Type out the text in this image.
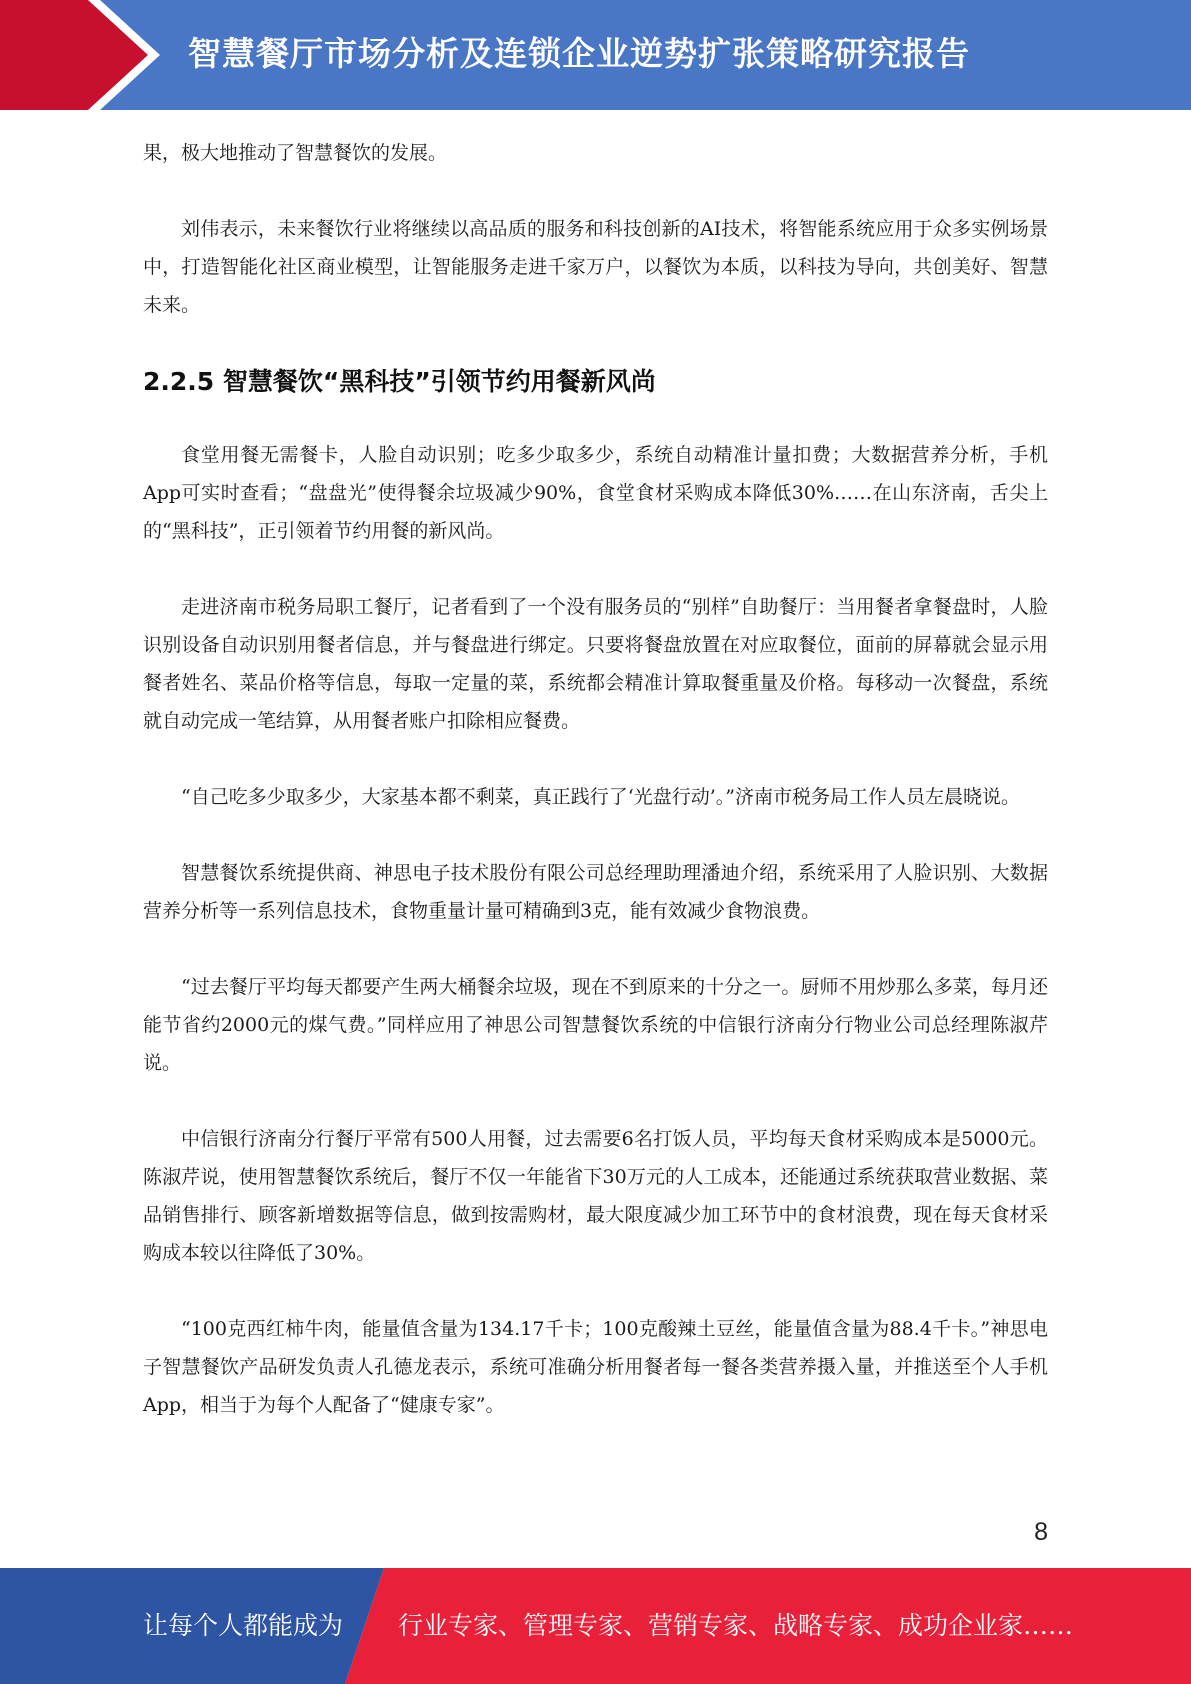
智慧餐厅市场分析及连锁企业逆势扩张策略研究报告

果，极大地推动了智慧餐饮的发展。

刘伟表示，未来餐饮行业将继续以高品质的服务和科技创新的AI技术，将智能系统应用于众多实例场景中，打造智能化社区商业模型，让智能服务走进千家万户，以餐饮为本质，以科技为导向，共创美好、智慧未来。

2.2.5 智慧餐饮“黑科技”引领节约用餐新风尚

食堂用餐无需餐卡，人脸自动识别；吃多少取多少，系统自动精准计量扣费；大数据营养分析，手机App可实时查看；“盘盘光”使得餐余垃圾减少90%，食堂食材采购成本降低30%……在山东济南，舌尖上的“黑科技”，正引领着节约用餐的新风尚。

走进济南市税务局职工餐厅，记者看到了一个没有服务员的“别样”自助餐厅：当用餐者拿餐盘时，人脸识别设备自动识别用餐者信息，并与餐盘进行绑定。只要将餐盘放置在对应取餐位，面前的屏幕就会显示用餐者姓名、菜品价格等信息，每取一定量的菜，系统都会精准计算取餐重量及价格。每移动一次餐盘，系统就自动完成一笔结算，从用餐者账户扣除相应餐费。

“自己吃多少取多少，大家基本都不剩菜，真正践行了‘光盘行动’。”济南市税务局工作人员左晨晓说。

智慧餐饮系统提供商、神思电子技术股份有限公司总经理助理潘迪介绍，系统采用了人脸识别、大数据营养分析等一系列信息技术，食物重量计量可精确到3克，能有效减少食物浪费。

“过去餐厅平均每天都要产生两大桶餐余垃圾，现在不到原来的十分之一。厨师不用炒那么多菜，每月还能节省约2000元的煤气费。”同样应用了神思公司智慧餐饮系统的中信银行济南分行物业公司总经理陈淑芹说。

中信银行济南分行餐厅平常有500人用餐，过去需要6名打饭人员，平均每天食材采购成本是5000元。陈淑芹说，使用智慧餐饮系统后，餐厅不仅一年能省下30万元的人工成本，还能通过系统获取营业数据、菜品销售排行、顾客新增数据等信息，做到按需购材，最大限度减少加工环节中的食材浪费，现在每天食材采购成本较以往降低了30%。

“100克西红柿牛肉，能量值含量为134.17千卡；100克酸辣土豆丝，能量值含量为88.4千卡。”神思电子智慧餐饮产品研发负责人孔德龙表示，系统可准确分析用餐者每一餐各类营养摄入量，并推送至个人手机App，相当于为每个人配备了“健康专家”。

8
让每个人都能成为 行业专家、管理专家、营销专家、战略专家、成功企业家……
